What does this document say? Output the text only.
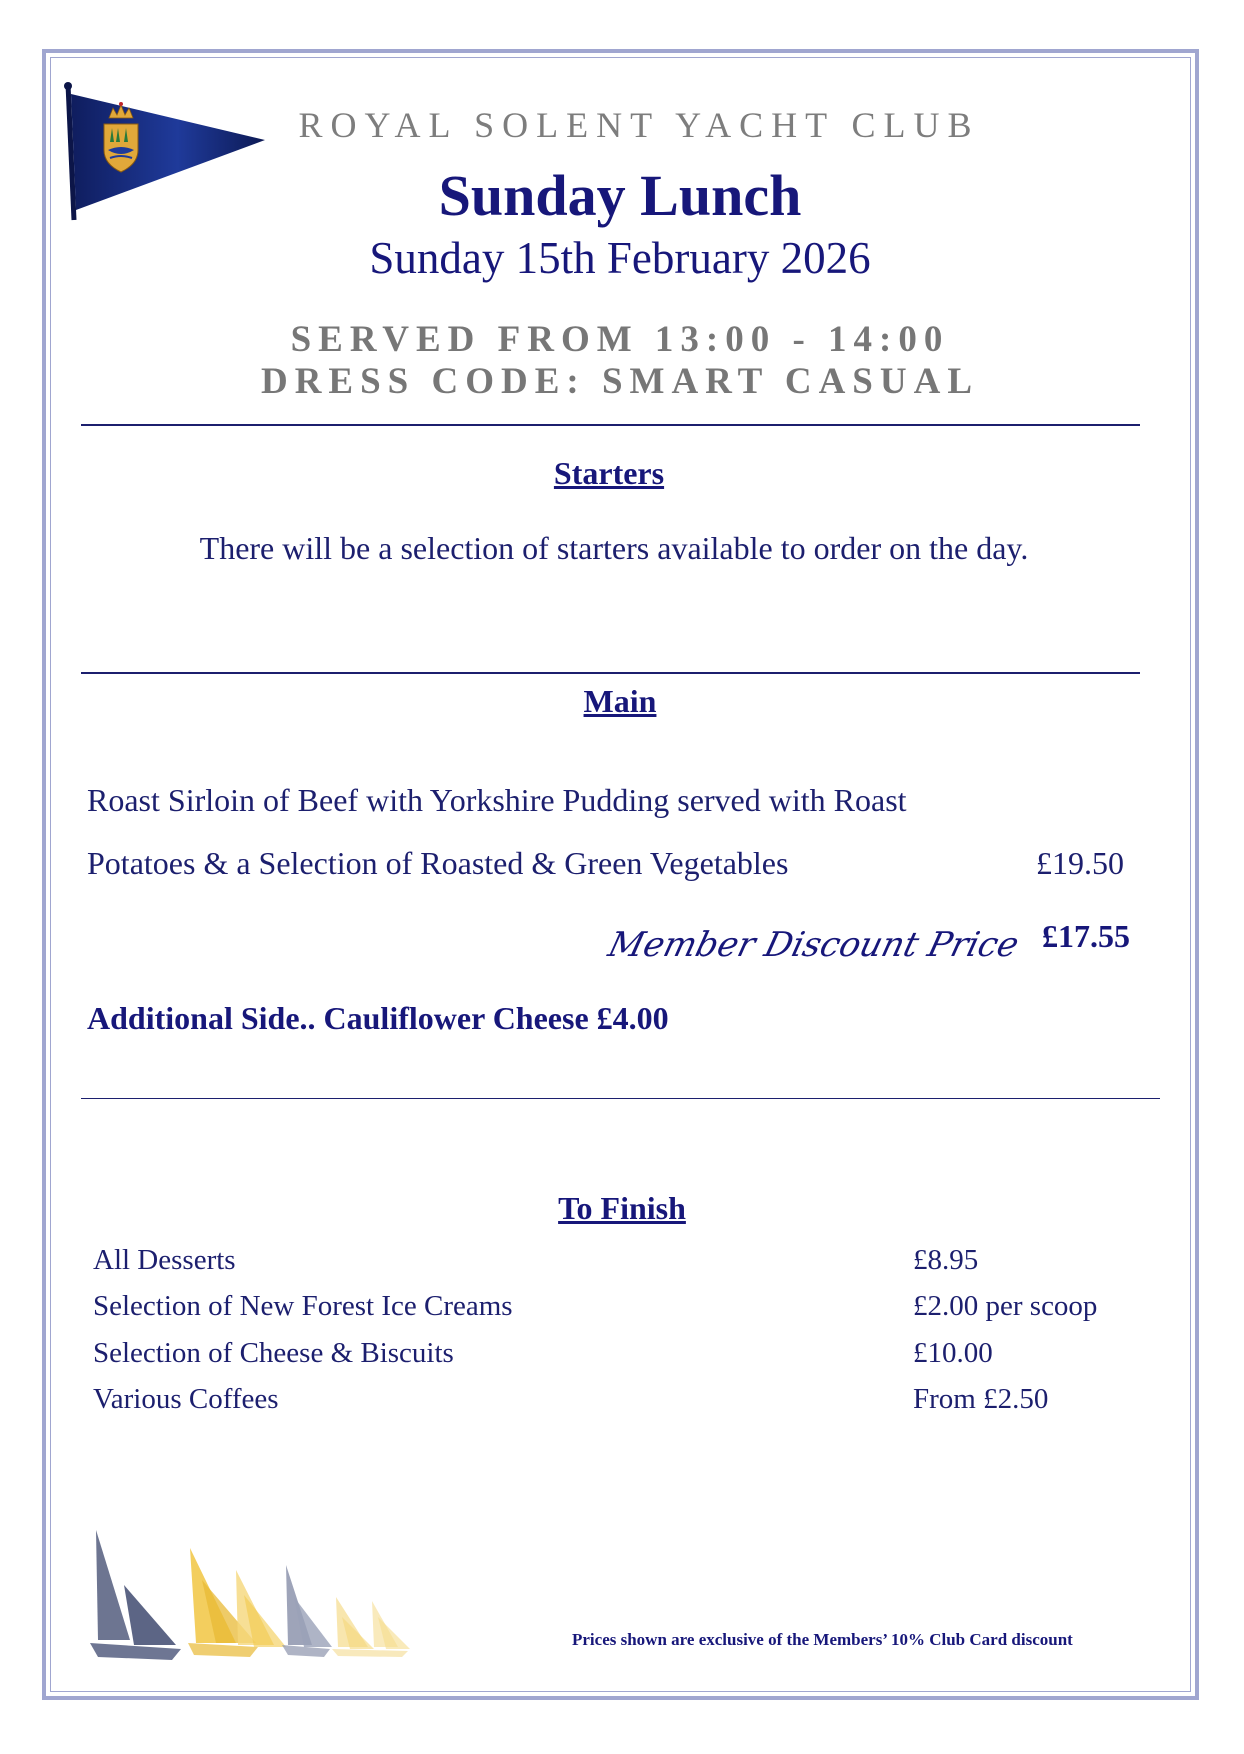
ROYAL SOLENT YACHT CLUB
Sunday Lunch
Sunday 15th February 2026
SERVED FROM 13:00 - 14:00
DRESS CODE: SMART CASUAL
Starters
There will be a selection of starters available to order on the day.
Main
Roast Sirloin of Beef with Yorkshire Pudding served with Roast
Potatoes & a Selection of Roasted & Green Vegetables	£19.50
Member Discount Price £17.55
Additional Side.. Cauliflower Cheese £4.00
To Finish
All Desserts	£8.95
Selection of New Forest Ice Creams	£2.00 per scoop
Selection of Cheese & Biscuits	£10.00
Various Coffees	From £2.50
Prices shown are exclusive of the Members’ 10% Club Card discount
